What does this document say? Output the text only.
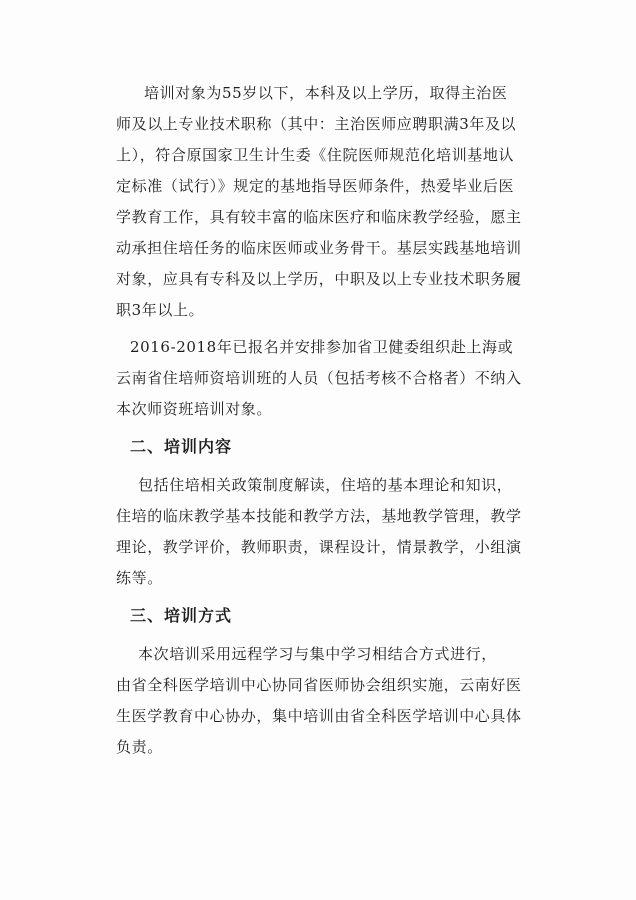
培训对象为55岁以下，本科及以上学历，取得主治医
师及以上专业技术职称（其中：主治医师应聘职满3年及以
上），符合原国家卫生计生委《住院医师规范化培训基地认
定标准（试行）》规定的基地指导医师条件，热爱毕业后医
学教育工作，具有较丰富的临床医疗和临床教学经验，愿主
动承担住培任务的临床医师或业务骨干。基层实践基地培训
对象，应具有专科及以上学历，中职及以上专业技术职务履
职3年以上。
2016-2018年已报名并安排参加省卫健委组织赴上海或
云南省住培师资培训班的人员（包括考核不合格者）不纳入
本次师资班培训对象。
二、培训内容
包括住培相关政策制度解读，住培的基本理论和知识，
住培的临床教学基本技能和教学方法，基地教学管理，教学
理论，教学评价，教师职责，课程设计，情景教学，小组演
练等。
三、培训方式
本次培训采用远程学习与集中学习相结合方式进行，
由省全科医学培训中心协同省医师协会组织实施，云南好医
生医学教育中心协办，集中培训由省全科医学培训中心具体
负责。
